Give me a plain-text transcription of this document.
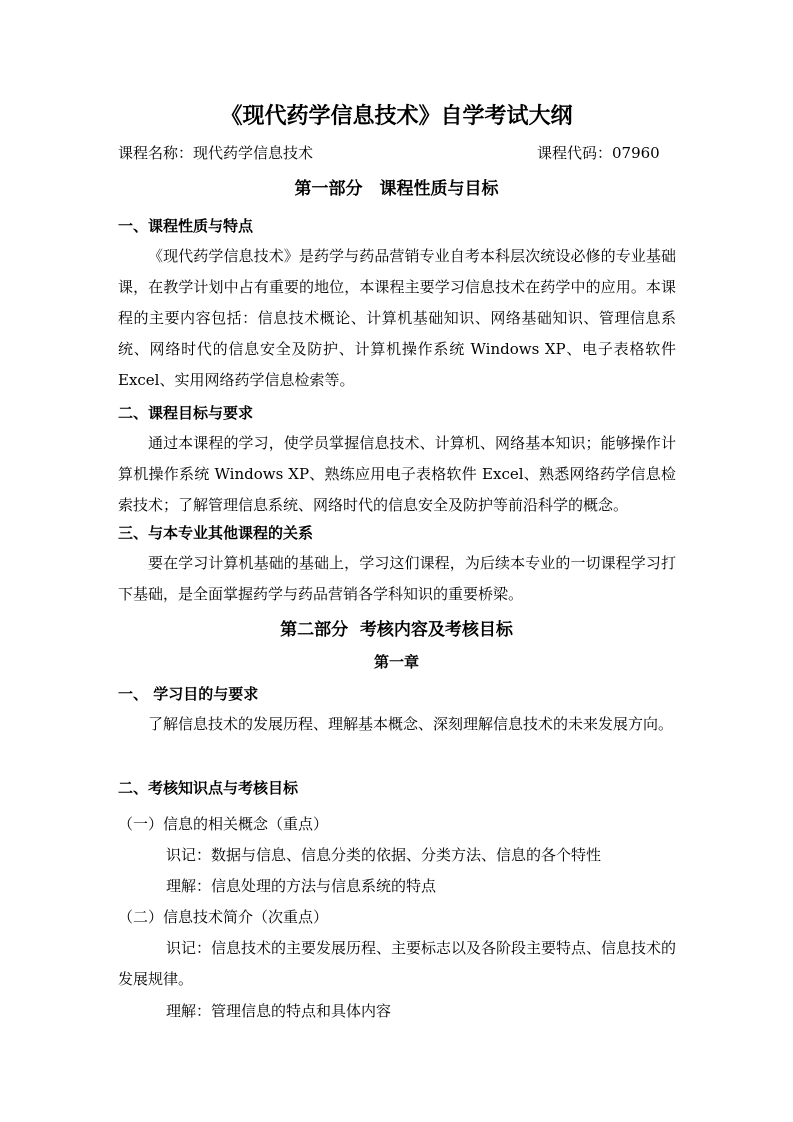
《现代药学信息技术》自学考试大纲
课程名称：现代药学信息技术	课程代码：07960
第一部分　课程性质与目标
一、课程性质与特点

《现代药学信息技术》是药学与药品营销专业自考本科层次统设必修的专业基础课，在教学计划中占有重要的地位，本课程主要学习信息技术在药学中的应用。本课程的主要内容包括：信息技术概论、计算机基础知识、网络基础知识、管理信息系统、网络时代的信息安全及防护、计算机操作系统 Windows XP、电子表格软件 Excel、实用网络药学信息检索等。

二、课程目标与要求

通过本课程的学习，使学员掌握信息技术、计算机、网络基本知识；能够操作计算机操作系统 Windows XP、熟练应用电子表格软件 Excel、熟悉网络药学信息检索技术；了解管理信息系统、网络时代的信息安全及防护等前沿科学的概念。

三、与本专业其他课程的关系

要在学习计算机基础的基础上，学习这们课程，为后续本专业的一切课程学习打下基础，是全面掌握药学与药品营销各学科知识的重要桥梁。

第二部分  考核内容及考核目标
第一章
一、 学习目的与要求

了解信息技术的发展历程、理解基本概念、深刻理解信息技术的未来发展方向。

二、考核知识点与考核目标
（一）信息的相关概念（重点）

识记：数据与信息、信息分类的依据、分类方法、信息的各个特性

理解：信息处理的方法与信息系统的特点

（二）信息技术简介（次重点）

识记：信息技术的主要发展历程、主要标志以及各阶段主要特点、信息技术的发展规律。

理解：管理信息的特点和具体内容
